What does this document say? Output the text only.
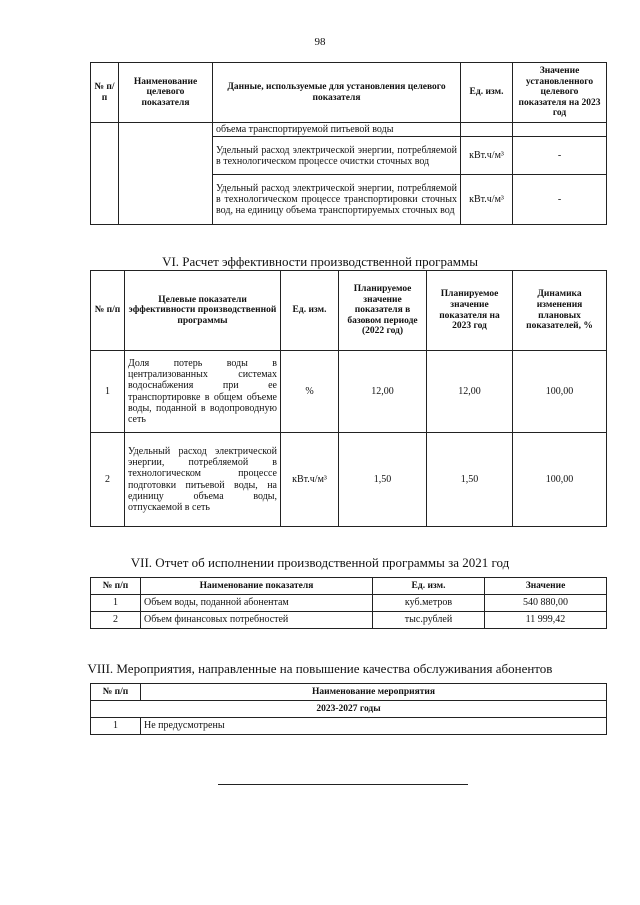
98
№ п/п	Наименование целевого показателя	Данные, используемые для установления целевого показателя	Ед. изм.	Значение установленного целевого показателя на 2023 год
		объема транспортируемой питьевой воды		
		Удельный расход электрической энергии, потребляемой в технологическом процессе очистки сточных вод	кВт.ч/м³	-
		Удельный расход электрической энергии, потребляемой в технологическом процессе транспортировки сточных вод, на единицу объема транспортируемых сточных вод	кВт.ч/м³	-
VI. Расчет эффективности производственной программы
№ п/п	Целевые показатели эффективности производственной программы	Ед. изм.	Планируемое значение показателя в базовом периоде (2022 год)	Планируемое значение показателя на 2023 год	Динамика изменения плановых показателей, %
1	Доля потерь воды в централизованных системах водоснабжения при ее транспортировке в общем объеме воды, поданной в водопроводную сеть	%	12,00	12,00	100,00
2	Удельный расход электрической энергии, потребляемой в технологическом процессе подготовки питьевой воды, на единицу объема воды, отпускаемой в сеть	кВт.ч/м³	1,50	1,50	100,00
VII. Отчет об исполнении производственной программы за 2021 год
№ п/п	Наименование показателя	Ед. изм.	Значение
1	Объем воды, поданной абонентам	куб.метров	540 880,00
2	Объем финансовых потребностей	тыс.рублей	11 999,42
VIII. Мероприятия, направленные на повышение качества обслуживания абонентов
№ п/п	Наименование мероприятия
2023-2027 годы	
1	Не предусмотрены
